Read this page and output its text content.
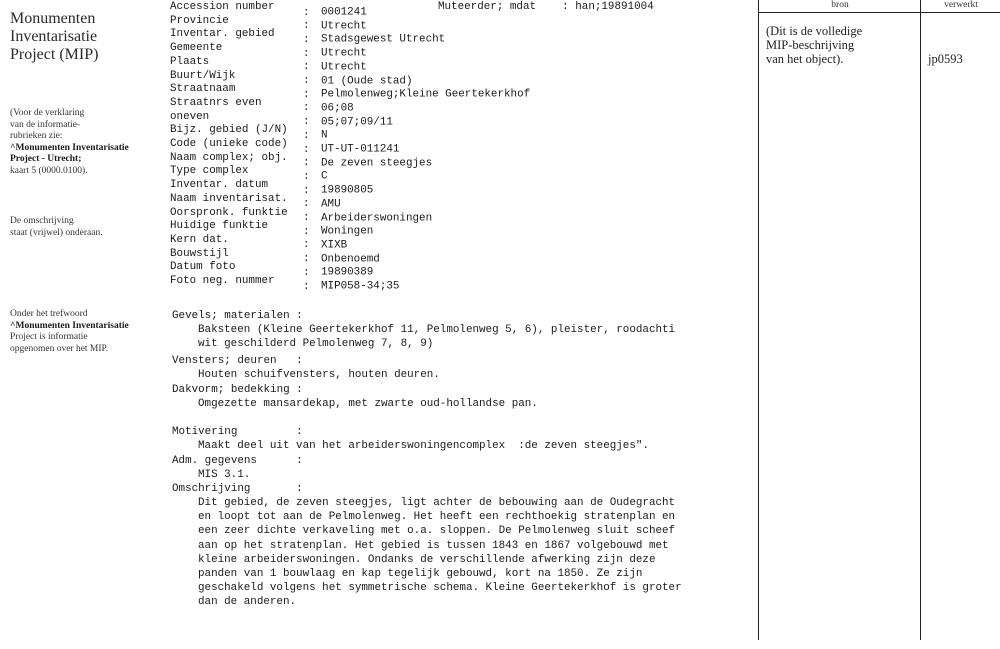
Monumenten
Inventarisatie
Project (MIP)
(Voor de verklaring
van de informatie-
rubrieken zie:
^Monumenten Inventarisatie
Project - Utrecht;
kaart 5 (0000.0100).
De omschrijving
staat (vrijwel) onderaan.
Onder het trefwoord
^Monumenten Inventarisatie
Project is informatie
opgenomen over het MIP.
Muteerder; mdat    : han;19891004
Accession number	: 0001241
Provincie	: Utrecht
Inventar. gebied	: Stadsgewest Utrecht
Gemeente	: Utrecht
Plaats	: Utrecht
Buurt/Wijk	: 01 (Oude stad)
Straatnaam	: Pelmolenweg;Kleine Geertekerkhof
Straatnrs even	: 06;08
oneven	: 05;07;09/11
Bijz. gebied (J/N) : N
Code (unieke code) : UT-UT-011241
Naam complex; obj. : De zeven steegjes
Type complex	: C
Inventar. datum	: 19890805
Naam inventarisat. : AMU
Oorspronk. funktie : Arbeiderswoningen
Huidige funktie	: Woningen
Kern dat.	: XIXB
Bouwstijl	: Onbenoemd
Datum foto	: 19890389
Foto neg. nummer	: MIP058-34;35
Gevels; materialen :
Baksteen (Kleine Geertekerkhof 11, Pelmolenweg 5, 6), pleister, roodachti
wit geschilderd Pelmolenweg 7, 8, 9)
Vensters; deuren   :
Houten schuifvensters, houten deuren.
Dakvorm; bedekking :
Omgezette mansardekap, met zwarte oud-hollandse pan.
Motivering         :
Maakt deel uit van het arbeiderswoningencomplex  :de zeven steegjes".
Adm. gegevens      :
MIS 3.1.
Omschrijving       :
Dit gebied, de zeven steegjes, ligt achter de bebouwing aan de Oudegracht
en loopt tot aan de Pelmolenweg. Het heeft een rechthoekig stratenplan en
een zeer dichte verkaveling met o.a. sloppen. De Pelmolenweg sluit scheef
aan op het stratenplan. Het gebied is tussen 1843 en 1867 volgebouwd met
kleine arbeiderswoningen. Ondanks de verschillende afwerking zijn deze
panden van 1 bouwlaag en kap tegelijk gebouwd, kort na 1850. Ze zijn
geschakeld volgens het symmetrische schema. Kleine Geertekerkhof is groter
dan de anderen.
bron	verwerkt
(Dit is de volledige
MIP-beschrijving
van het object).	jp0593
